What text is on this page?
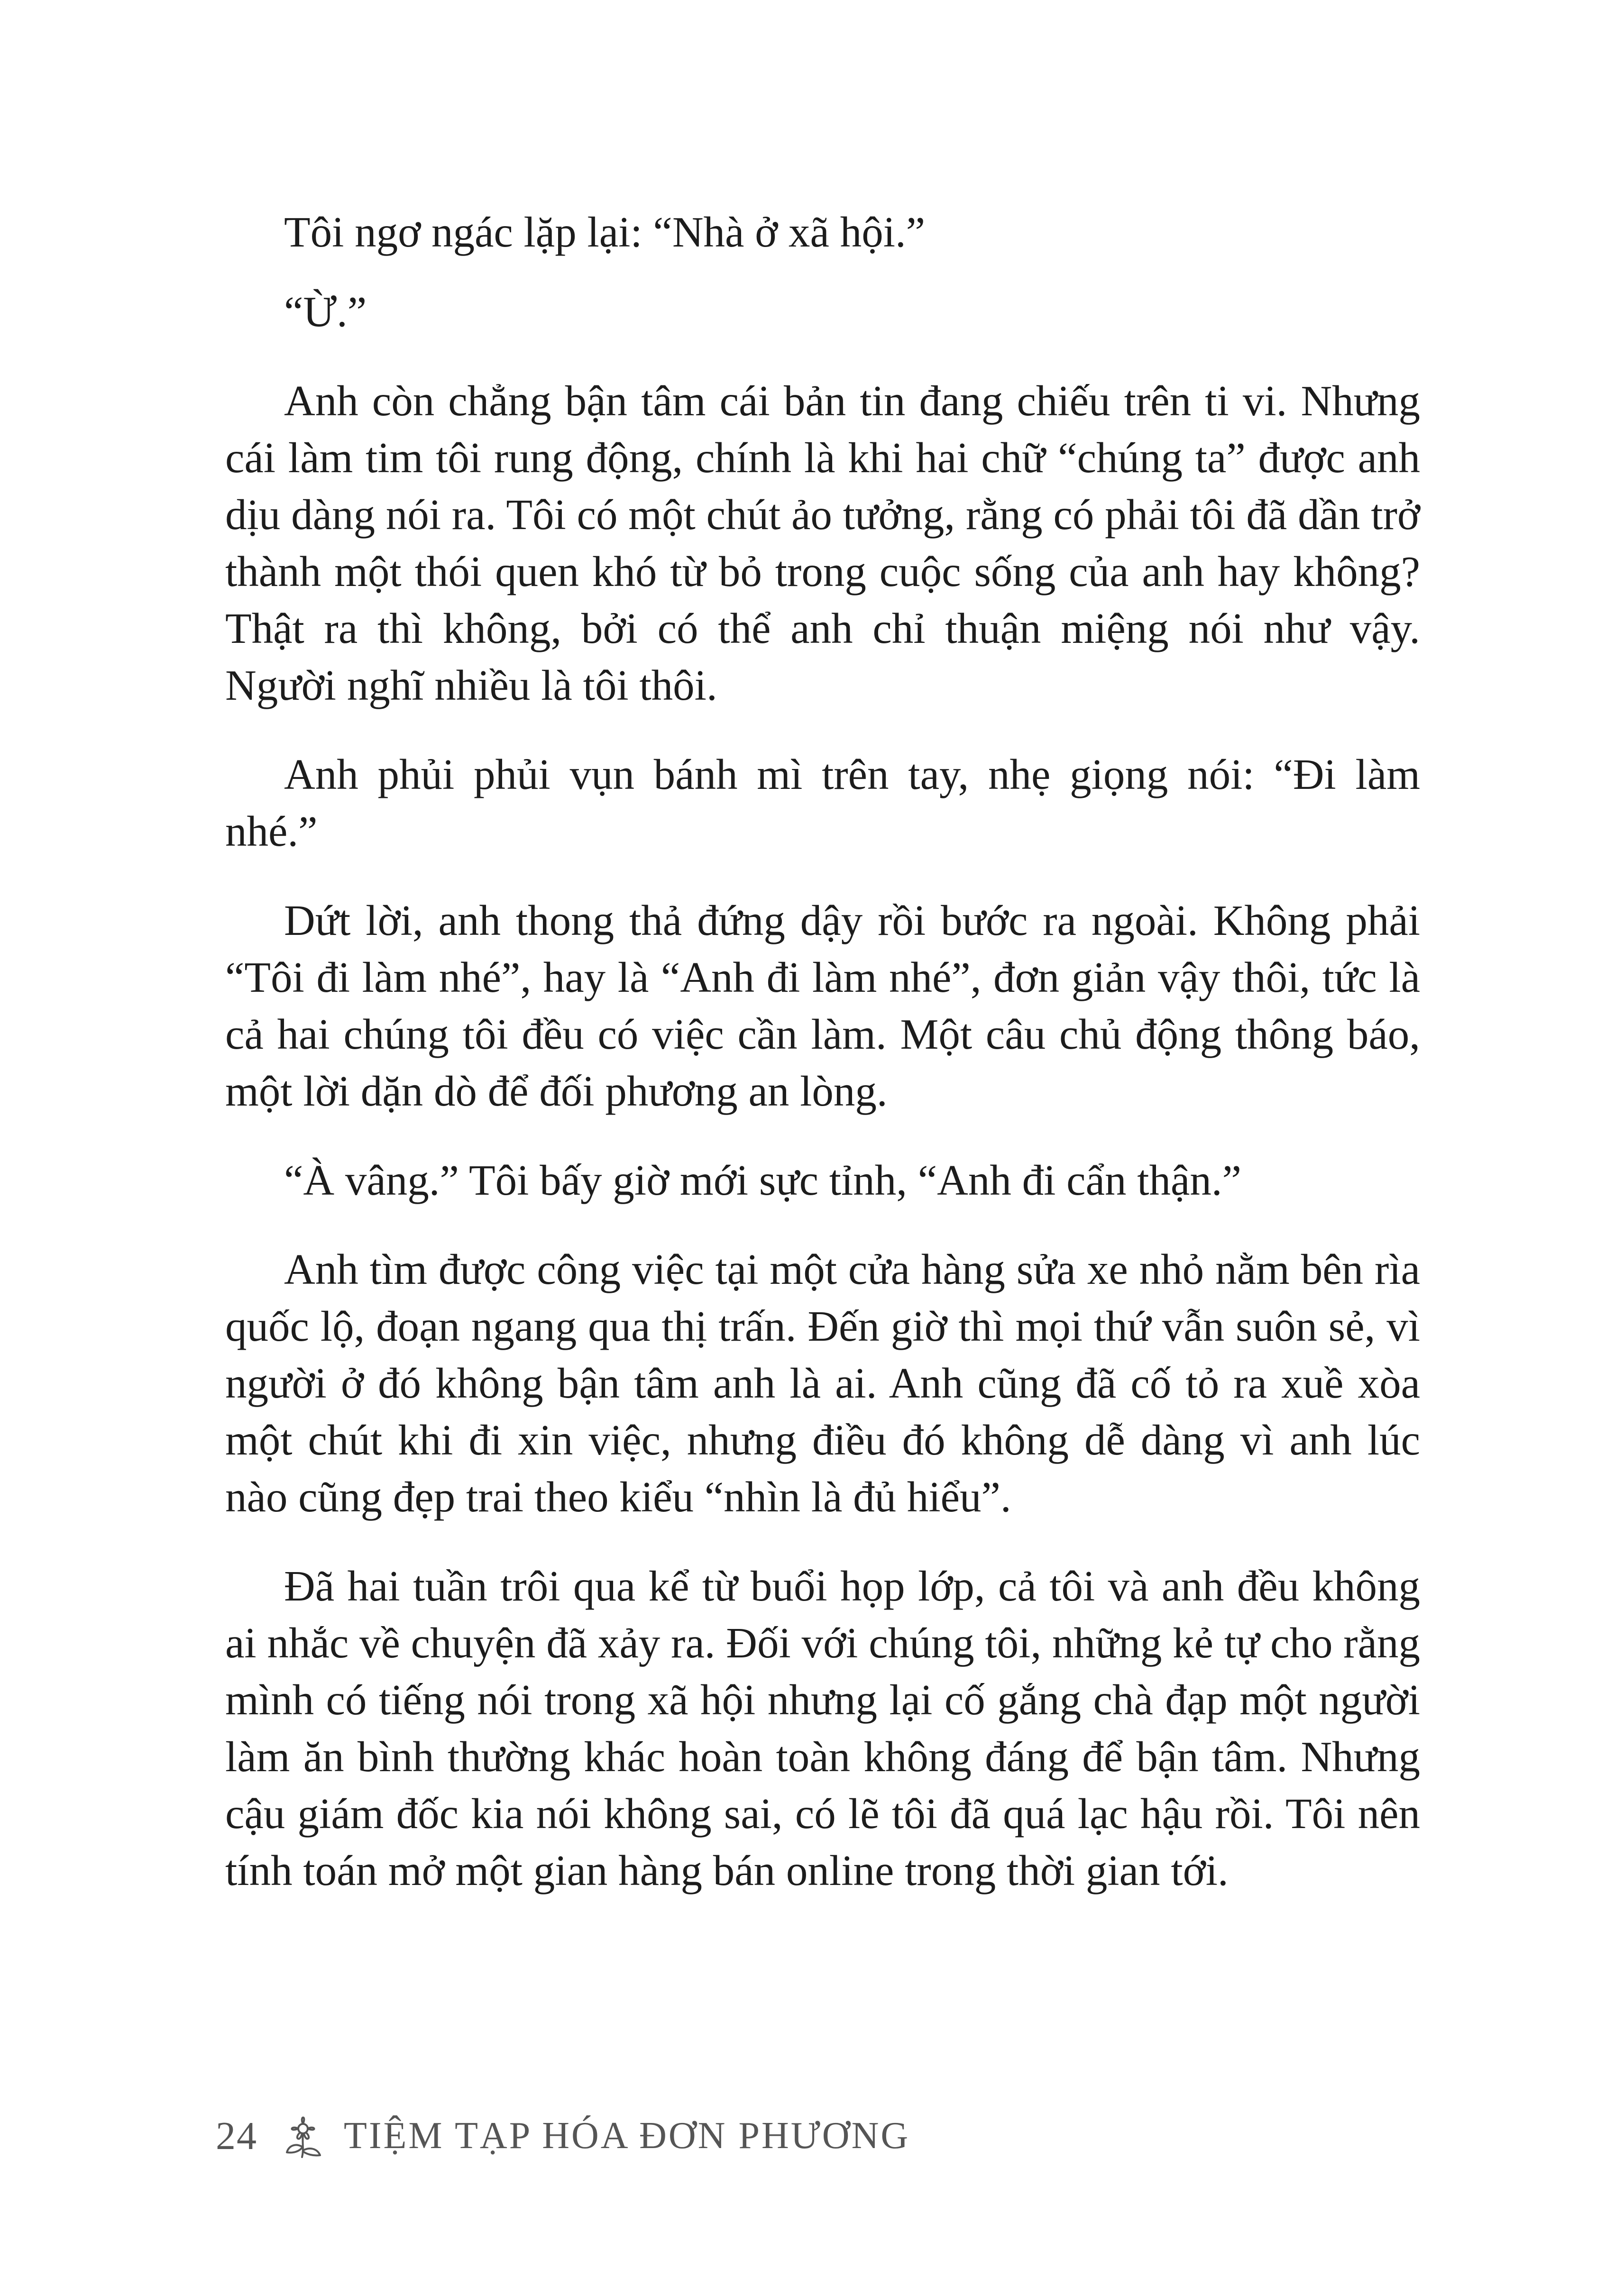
Tôi ngơ ngác lặp lại: “Nhà ở xã hội.”

“Ừ.”

Anh còn chẳng bận tâm cái bản tin đang chiếu trên ti vi. Nhưng cái làm tim tôi rung động, chính là khi hai chữ “chúng ta” được anh dịu dàng nói ra. Tôi có một chút ảo tưởng, rằng có phải tôi đã dần trở thành một thói quen khó từ bỏ trong cuộc sống của anh hay không? Thật ra thì không, bởi có thể anh chỉ thuận miệng nói như vậy. Người nghĩ nhiều là tôi thôi.

Anh phủi phủi vụn bánh mì trên tay, nhẹ giọng nói: “Đi làm nhé.”

Dứt lời, anh thong thả đứng dậy rồi bước ra ngoài. Không phải “Tôi đi làm nhé”, hay là “Anh đi làm nhé”, đơn giản vậy thôi, tức là cả hai chúng tôi đều có việc cần làm. Một câu chủ động thông báo, một lời dặn dò để đối phương an lòng.

“À vâng.” Tôi bấy giờ mới sực tỉnh, “Anh đi cẩn thận.”

Anh tìm được công việc tại một cửa hàng sửa xe nhỏ nằm bên rìa quốc lộ, đoạn ngang qua thị trấn. Đến giờ thì mọi thứ vẫn suôn sẻ, vì người ở đó không bận tâm anh là ai. Anh cũng đã cố tỏ ra xuề xòa một chút khi đi xin việc, nhưng điều đó không dễ dàng vì anh lúc nào cũng đẹp trai theo kiểu “nhìn là đủ hiểu”.

Đã hai tuần trôi qua kể từ buổi họp lớp, cả tôi và anh đều không ai nhắc về chuyện đã xảy ra. Đối với chúng tôi, những kẻ tự cho rằng mình có tiếng nói trong xã hội nhưng lại cố gắng chà đạp một người làm ăn bình thường khác hoàn toàn không đáng để bận tâm. Nhưng cậu giám đốc kia nói không sai, có lẽ tôi đã quá lạc hậu rồi. Tôi nên tính toán mở một gian hàng bán online trong thời gian tới.

24 TIỆM TẠP HÓA ĐƠN PHƯƠNG
